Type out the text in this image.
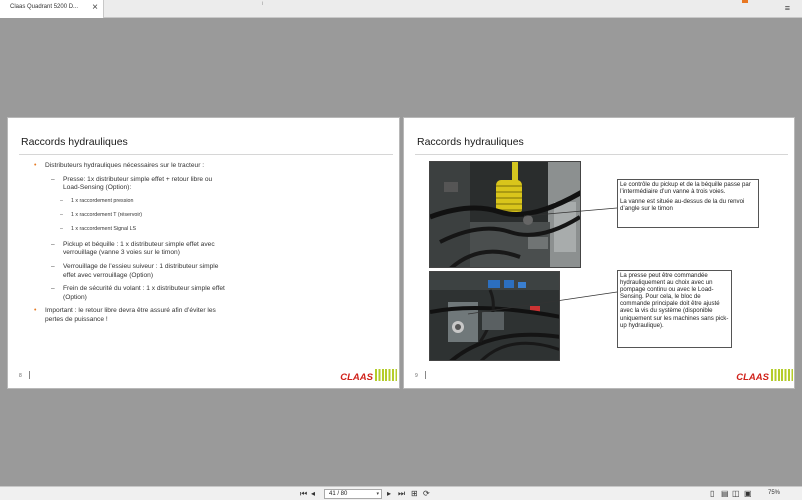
Claas Quadrant 5200 D... ×	|
≡
Raccords hydrauliques
• Distributeurs hydrauliques nécessaires sur le tracteur :
– Presse: 1x distributeur simple effet + retour libre ou Load-Sensing (Option):
– 1 x raccordement pression
– 1 x raccordement T (réservoir)
– 1 x raccordement Signal LS
– Pickup et béquille : 1 x distributeur simple effet avec verrouillage (vanne 3 voies sur le timon)
– Verrouillage de l’essieu suiveur : 1 distributeur simple effet avec verrouillage (Option)
– Frein de sécurité du volant : 1 x distributeur simple effet (Option)
• Important : le retour libre devra être assuré afin d’éviter les pertes de puissance !
8	CLAAS
Raccords hydrauliques

Le contrôle du pickup et de la béquille passe par l’intermédiaire d’un vanne à trois voies.

La vanne est située au-dessus de la du renvoi d’angle sur le timon

La presse peut être commandée hydrauliquement au choix avec un pompage continu ou avec le Load-Sensing. Pour cela, le bloc de commande principale doit être ajusté avec la vis du système (disponible uniquement sur les machines sans pick-up hydraulique).

9	CLAAS
⏮ ◂	41 / 80	▾ ▸ ⏭ ⊞ ⟳	▯ ▤ ◫ ▣	75%
